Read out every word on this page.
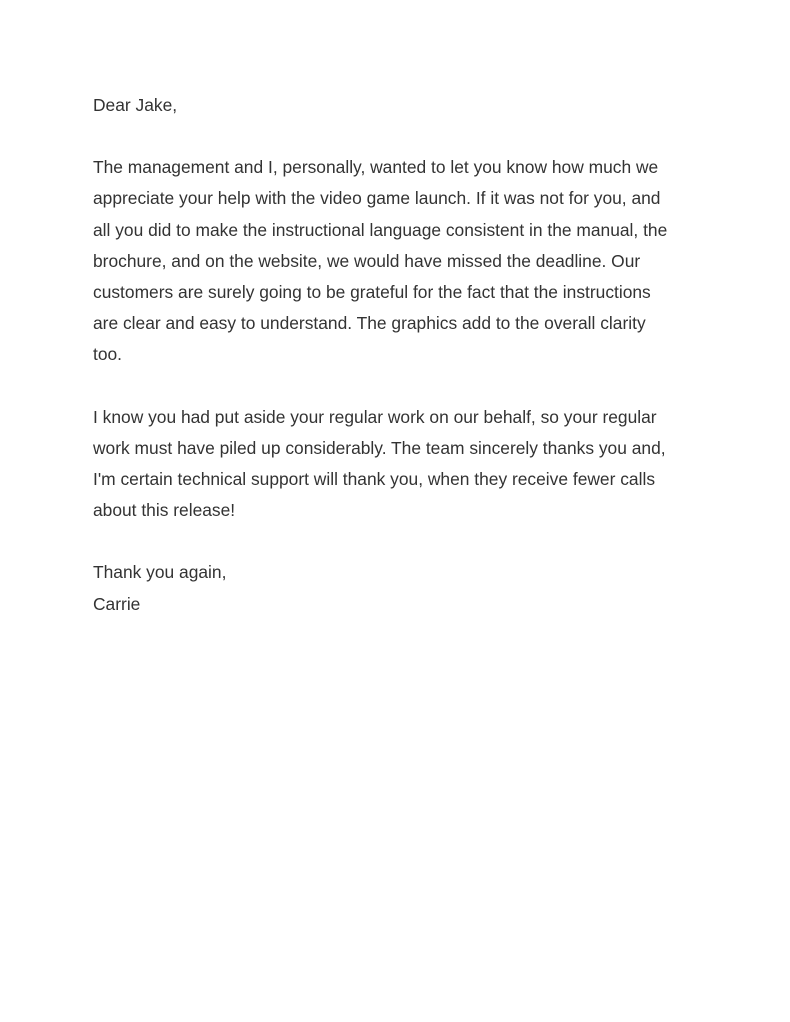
Dear Jake,

The management and I, personally, wanted to let you know how much we
appreciate your help with the video game launch. If it was not for you, and
all you did to make the instructional language consistent in the manual, the
brochure, and on the website, we would have missed the deadline. Our
customers are surely going to be grateful for the fact that the instructions
are clear and easy to understand. The graphics add to the overall clarity
too.

I know you had put aside your regular work on our behalf, so your regular
work must have piled up considerably. The team sincerely thanks you and,
I'm certain technical support will thank you, when they receive fewer calls
about this release!

Thank you again,

Carrie
